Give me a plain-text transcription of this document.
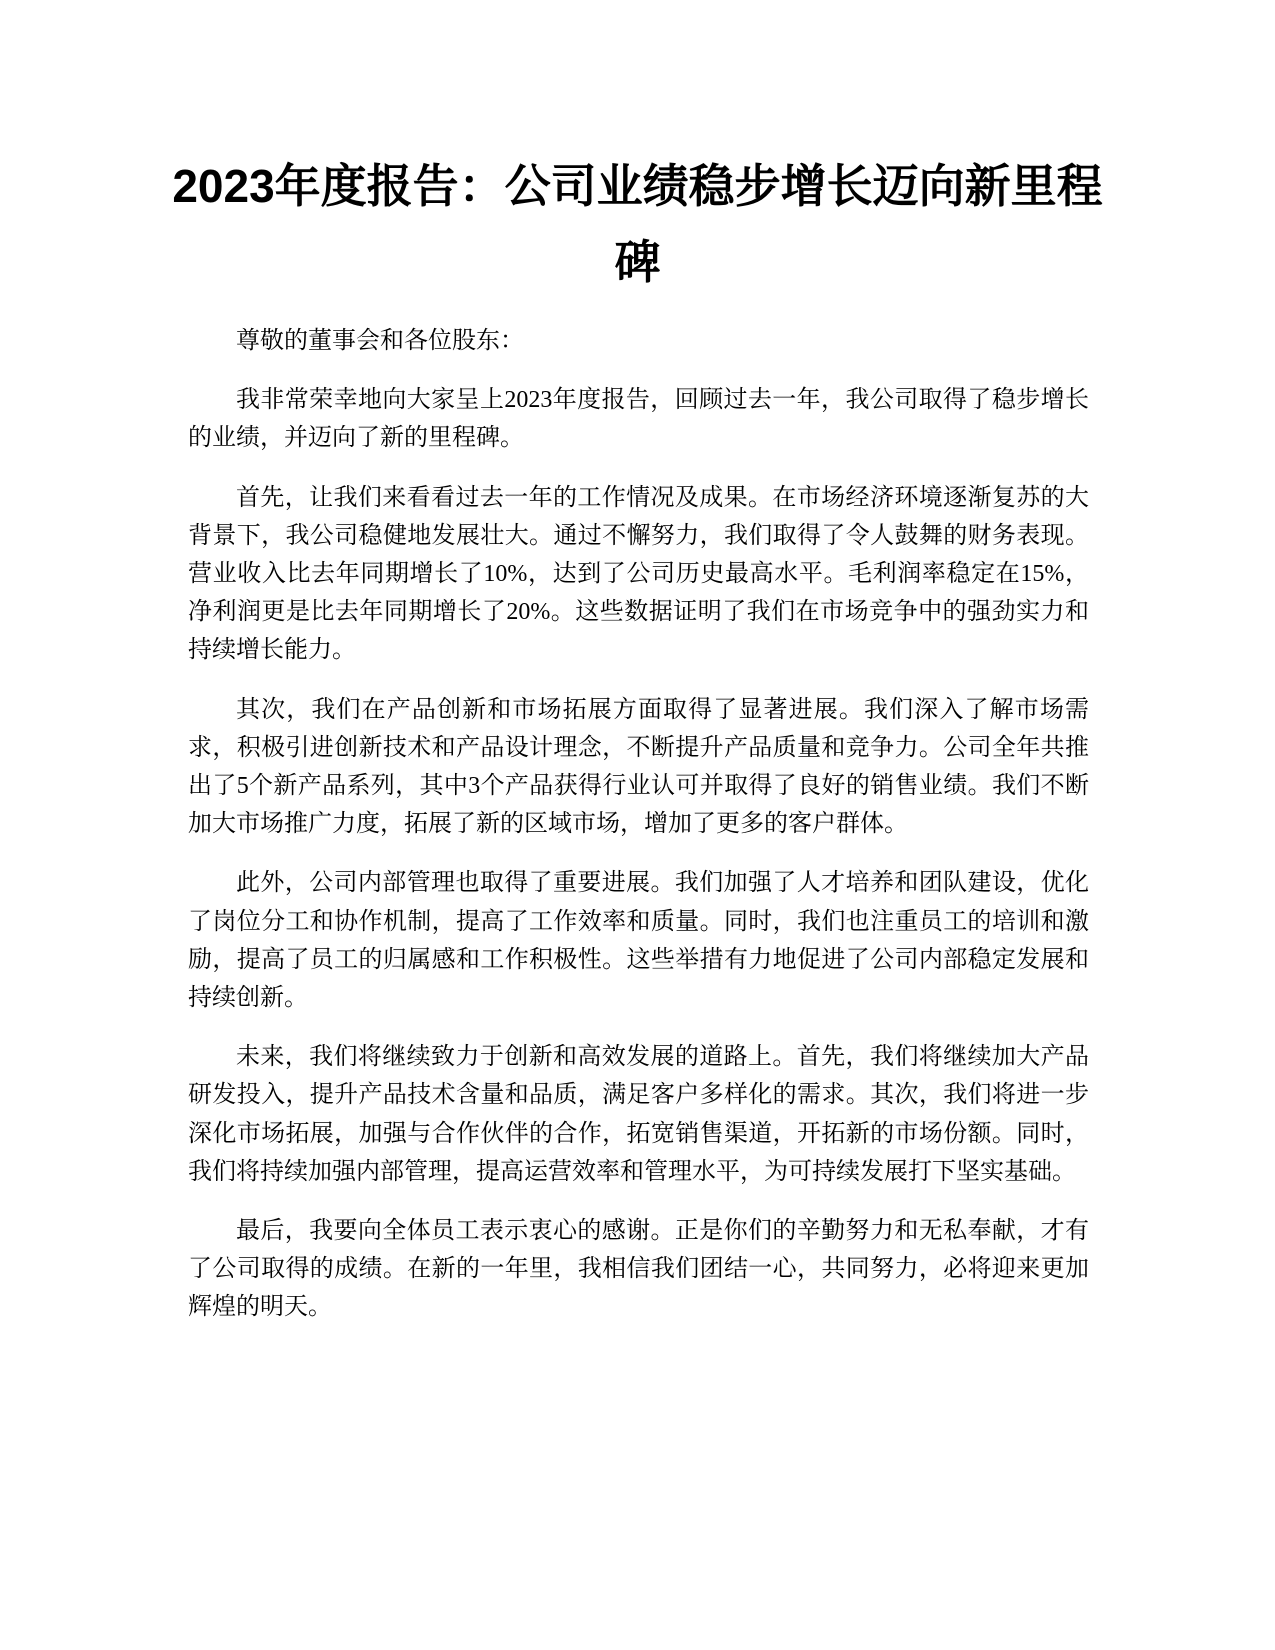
2023年度报告：公司业绩稳步增长迈向新里程碑

尊敬的董事会和各位股东：

我非常荣幸地向大家呈上2023年度报告，回顾过去一年，我公司取得了稳步增长的业绩，并迈向了新的里程碑。

首先，让我们来看看过去一年的工作情况及成果。在市场经济环境逐渐复苏的大背景下，我公司稳健地发展壮大。通过不懈努力，我们取得了令人鼓舞的财务表现。营业收入比去年同期增长了10%，达到了公司历史最高水平。毛利润率稳定在15%，净利润更是比去年同期增长了20%。这些数据证明了我们在市场竞争中的强劲实力和持续增长能力。

其次，我们在产品创新和市场拓展方面取得了显著进展。我们深入了解市场需求，积极引进创新技术和产品设计理念，不断提升产品质量和竞争力。公司全年共推出了5个新产品系列，其中3个产品获得行业认可并取得了良好的销售业绩。我们不断加大市场推广力度，拓展了新的区域市场，增加了更多的客户群体。

此外，公司内部管理也取得了重要进展。我们加强了人才培养和团队建设，优化了岗位分工和协作机制，提高了工作效率和质量。同时，我们也注重员工的培训和激励，提高了员工的归属感和工作积极性。这些举措有力地促进了公司内部稳定发展和持续创新。

未来，我们将继续致力于创新和高效发展的道路上。首先，我们将继续加大产品研发投入，提升产品技术含量和品质，满足客户多样化的需求。其次，我们将进一步深化市场拓展，加强与合作伙伴的合作，拓宽销售渠道，开拓新的市场份额。同时，我们将持续加强内部管理，提高运营效率和管理水平，为可持续发展打下坚实基础。

最后，我要向全体员工表示衷心的感谢。正是你们的辛勤努力和无私奉献，才有了公司取得的成绩。在新的一年里，我相信我们团结一心，共同努力，必将迎来更加辉煌的明天。
